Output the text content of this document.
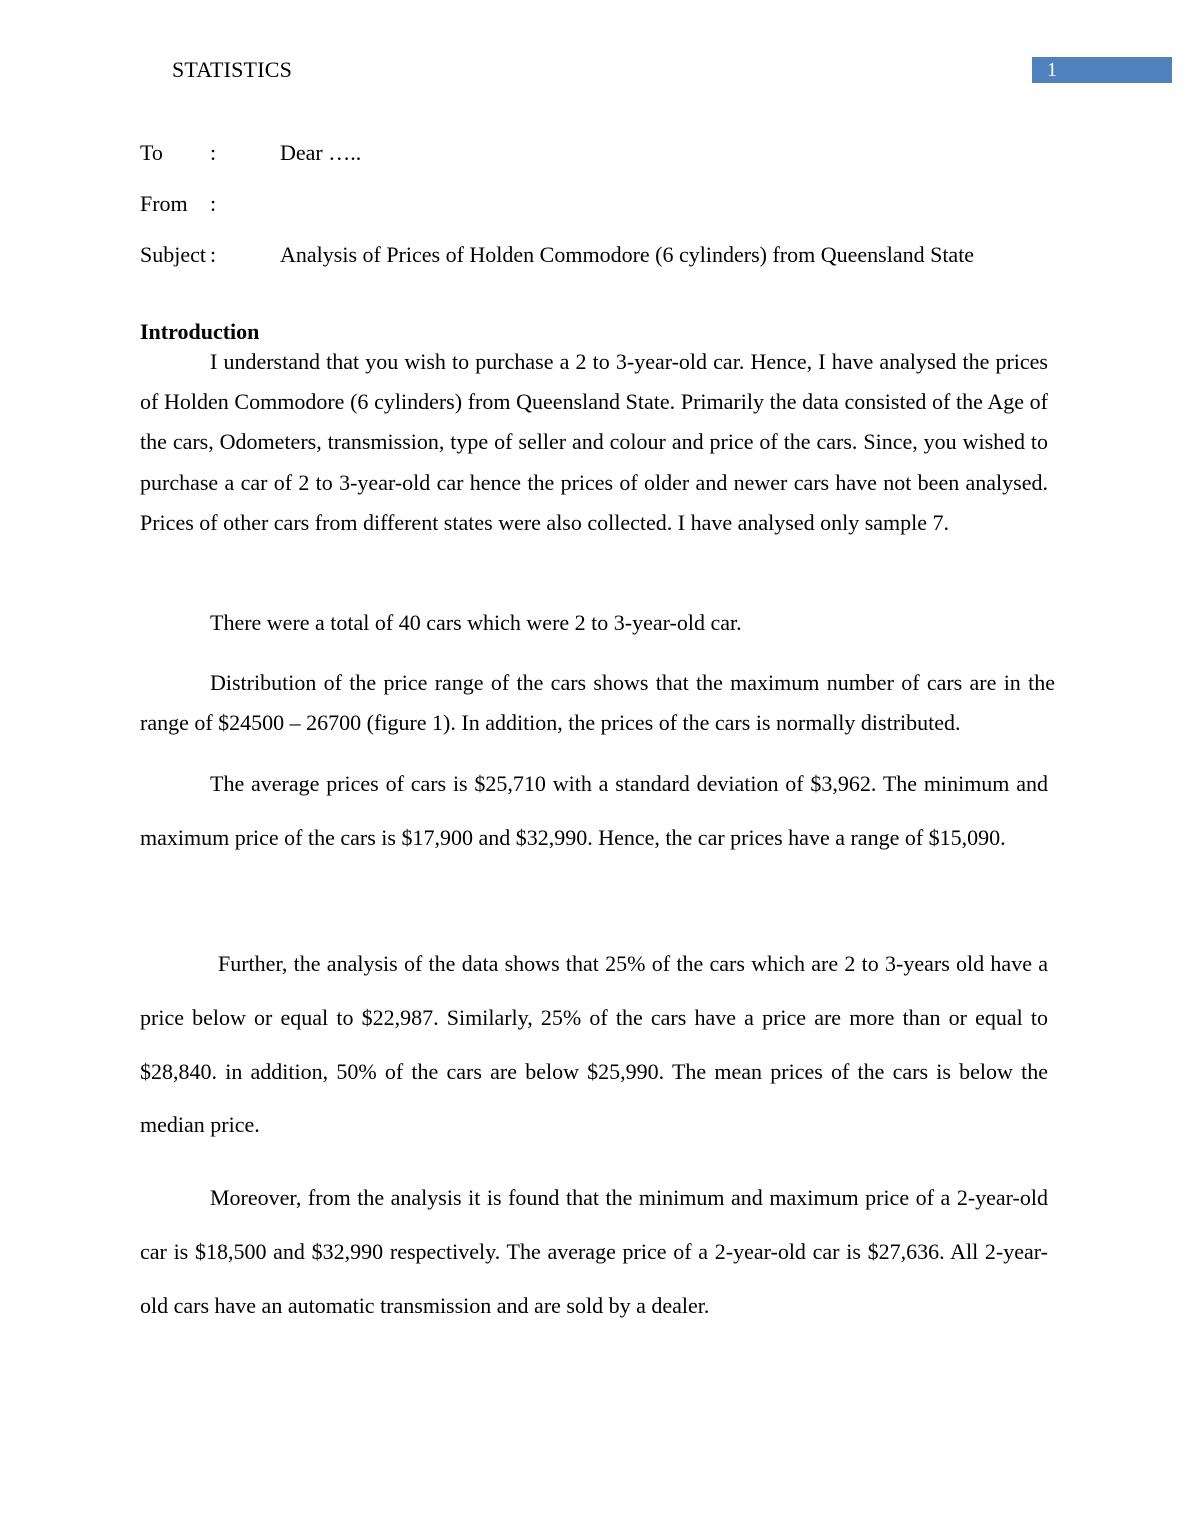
STATISTICS	1
To :	Dear …..
From :
Subject :	Analysis of Prices of Holden Commodore (6 cylinders) from Queensland State
Introduction

I understand that you wish to purchase a 2 to 3-year-old car. Hence, I have analysed the prices of Holden Commodore (6 cylinders) from Queensland State. Primarily the data consisted of the Age of the cars, Odometers, transmission, type of seller and colour and price of the cars. Since, you wished to purchase a car of 2 to 3-year-old car hence the prices of older and newer cars have not been analysed. Prices of other cars from different states were also collected. I have analysed only sample 7.

There were a total of 40 cars which were 2 to 3-year-old car.

Distribution of the price range of the cars shows that the maximum number of cars are in the range of $24500 – 26700 (figure 1). In addition, the prices of the cars is normally distributed.

The average prices of cars is $25,710 with a standard deviation of $3,962. The minimum and maximum price of the cars is $17,900 and $32,990. Hence, the car prices have a range of $15,090.

Further, the analysis of the data shows that 25% of the cars which are 2 to 3-years old have a price below or equal to $22,987. Similarly, 25% of the cars have a price are more than or equal to $28,840. in addition, 50% of the cars are below $25,990. The mean prices of the cars is below the median price.

Moreover, from the analysis it is found that the minimum and maximum price of a 2-year-old car is $18,500 and $32,990 respectively. The average price of a 2-year-old car is $27,636. All 2-year-old cars have an automatic transmission and are sold by a dealer.
